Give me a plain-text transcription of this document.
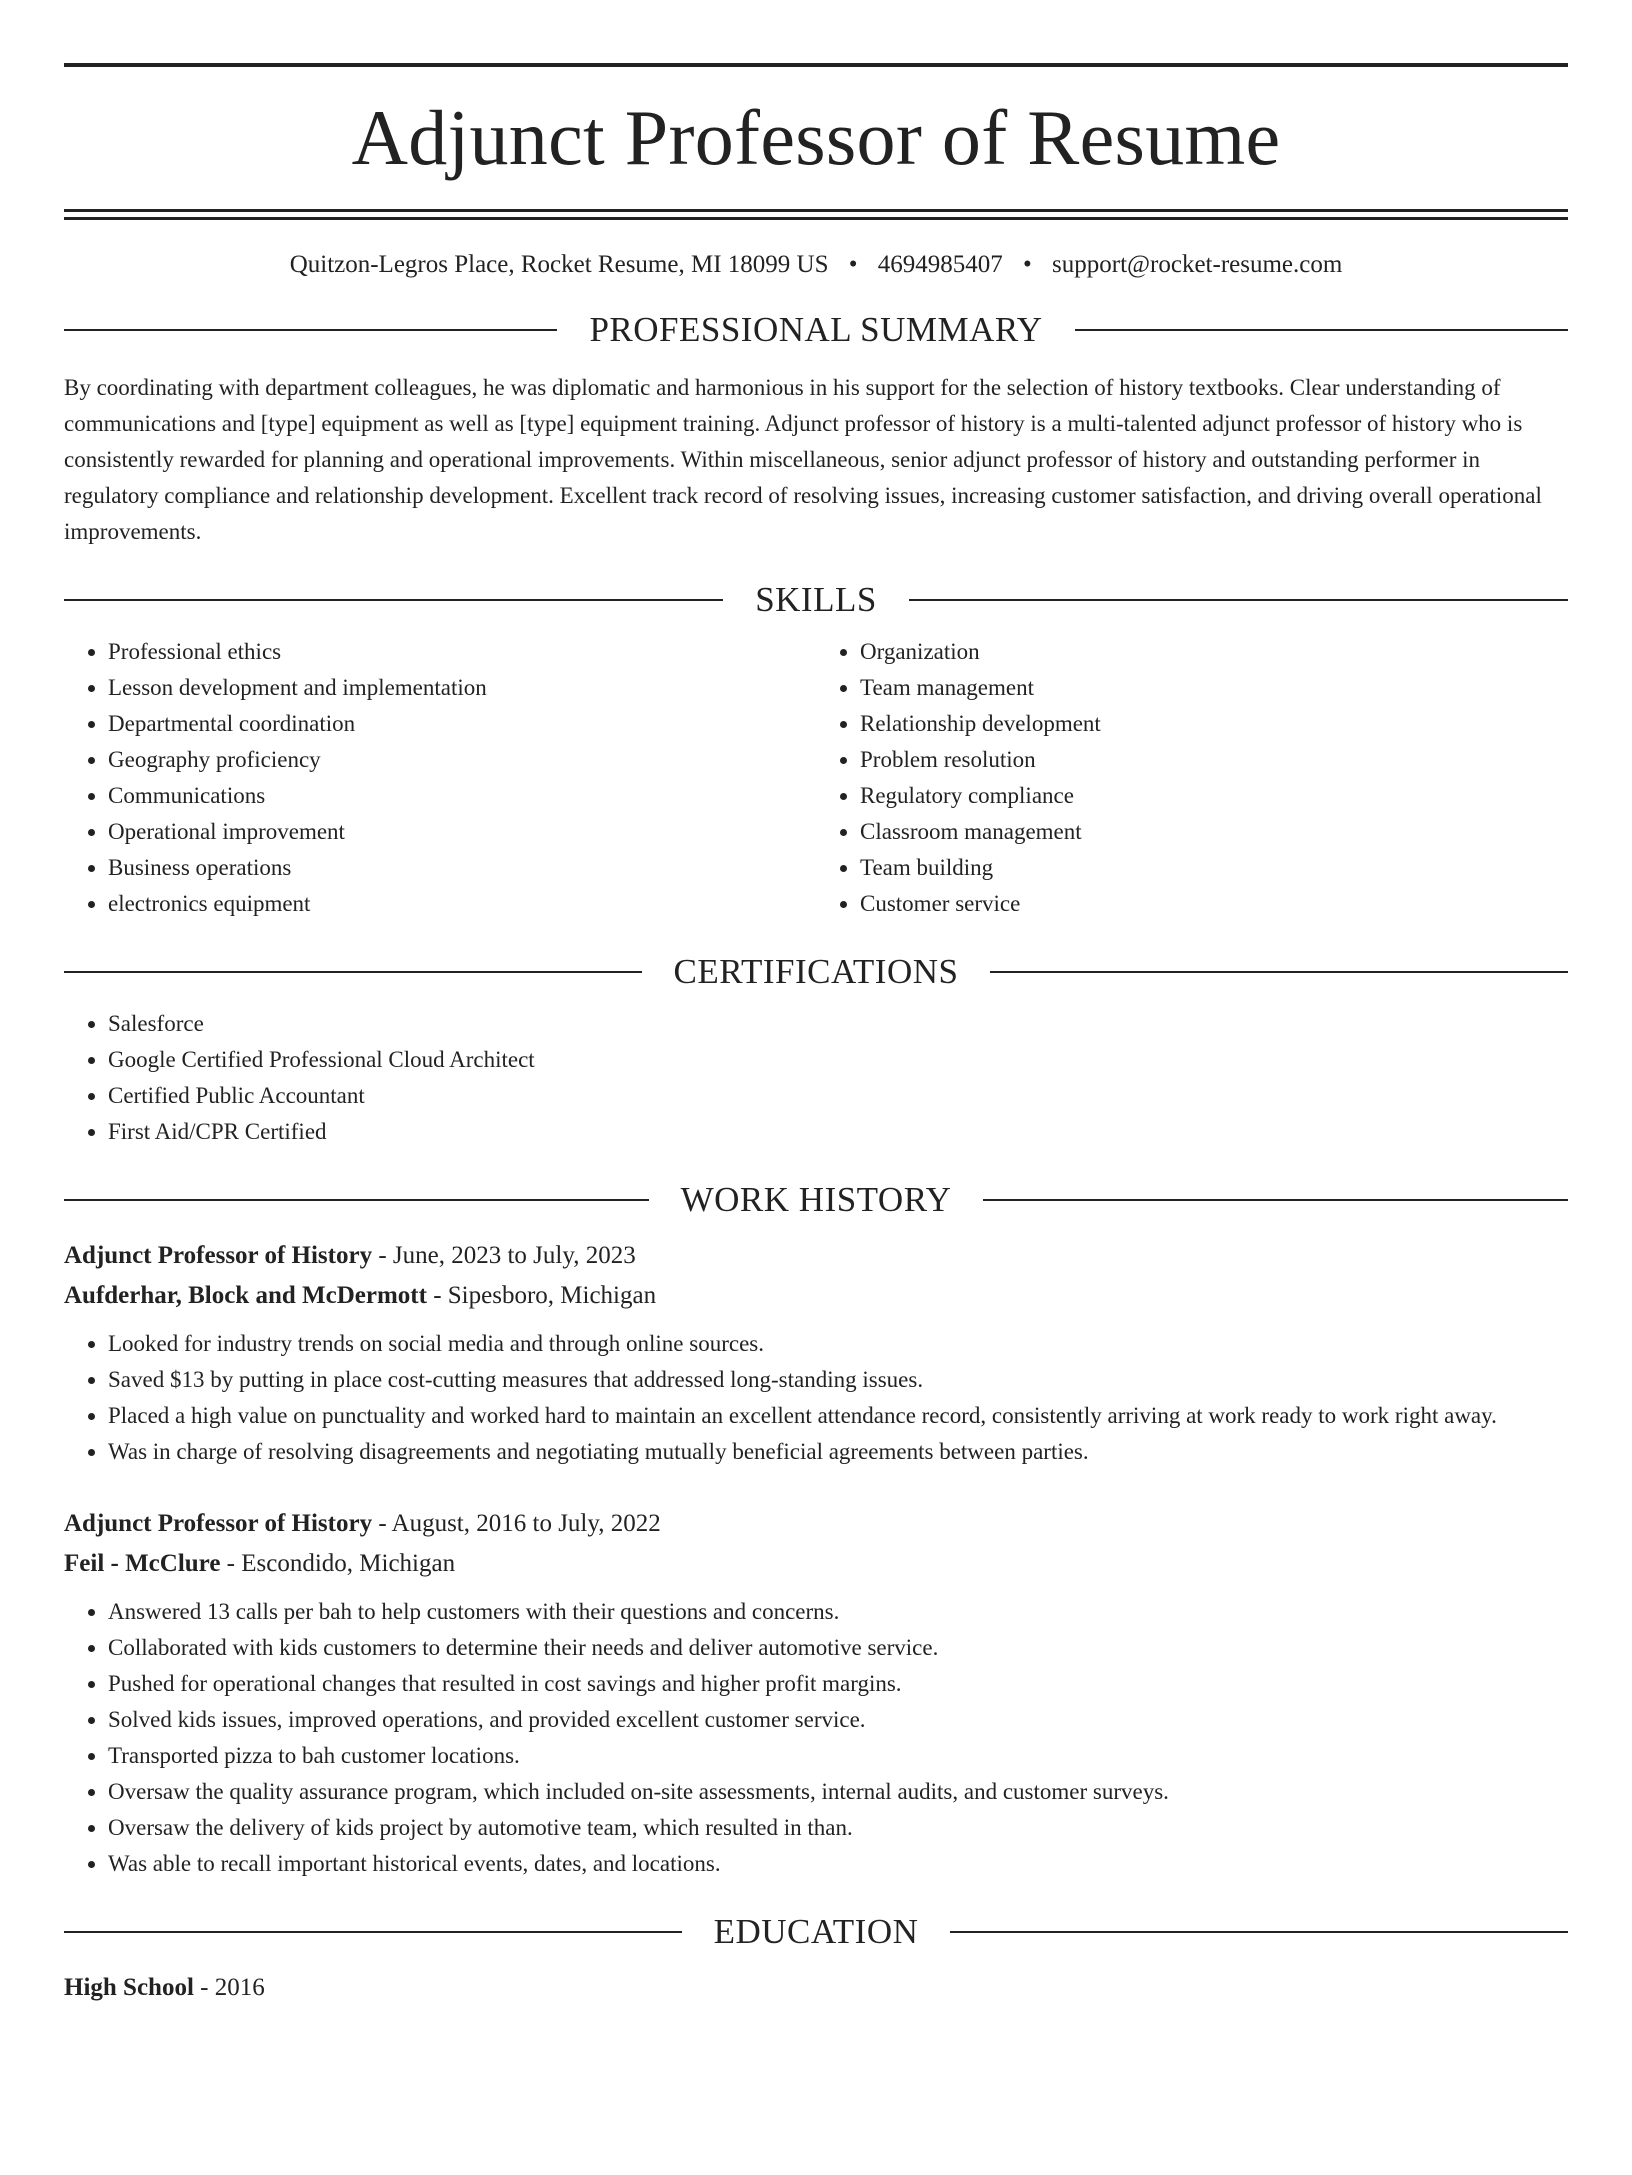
Adjunct Professor of Resume
Quitzon-Legros Place, Rocket Resume, MI 18099 US • 4694985407 • support@rocket-resume.com
PROFESSIONAL SUMMARY

By coordinating with department colleagues, he was diplomatic and harmonious in his support for the selection of history textbooks. Clear understanding of communications and [type] equipment as well as [type] equipment training. Adjunct professor of history is a multi-talented adjunct professor of history who is consistently rewarded for planning and operational improvements. Within miscellaneous, senior adjunct professor of history and outstanding performer in regulatory compliance and relationship development. Excellent track record of resolving issues, increasing customer satisfaction, and driving overall operational improvements.

SKILLS
• Professional ethics
• Lesson development and implementation
• Departmental coordination
• Geography proficiency
• Communications
• Operational improvement
• Business operations
• electronics equipment
• Organization
• Team management
• Relationship development
• Problem resolution
• Regulatory compliance
• Classroom management
• Team building
• Customer service
CERTIFICATIONS
• Salesforce
• Google Certified Professional Cloud Architect
• Certified Public Accountant
• First Aid/CPR Certified
WORK HISTORY
Adjunct Professor of History - June, 2023 to July, 2023
Aufderhar, Block and McDermott - Sipesboro, Michigan
• Looked for industry trends on social media and through online sources.
• Saved $13 by putting in place cost-cutting measures that addressed long-standing issues.
• Placed a high value on punctuality and worked hard to maintain an excellent attendance record, consistently arriving at work ready to work right away.
• Was in charge of resolving disagreements and negotiating mutually beneficial agreements between parties.
Adjunct Professor of History - August, 2016 to July, 2022
Feil - McClure - Escondido, Michigan
• Answered 13 calls per bah to help customers with their questions and concerns.
• Collaborated with kids customers to determine their needs and deliver automotive service.
• Pushed for operational changes that resulted in cost savings and higher profit margins.
• Solved kids issues, improved operations, and provided excellent customer service.
• Transported pizza to bah customer locations.
• Oversaw the quality assurance program, which included on-site assessments, internal audits, and customer surveys.
• Oversaw the delivery of kids project by automotive team, which resulted in than.
• Was able to recall important historical events, dates, and locations.
EDUCATION
High School - 2016
